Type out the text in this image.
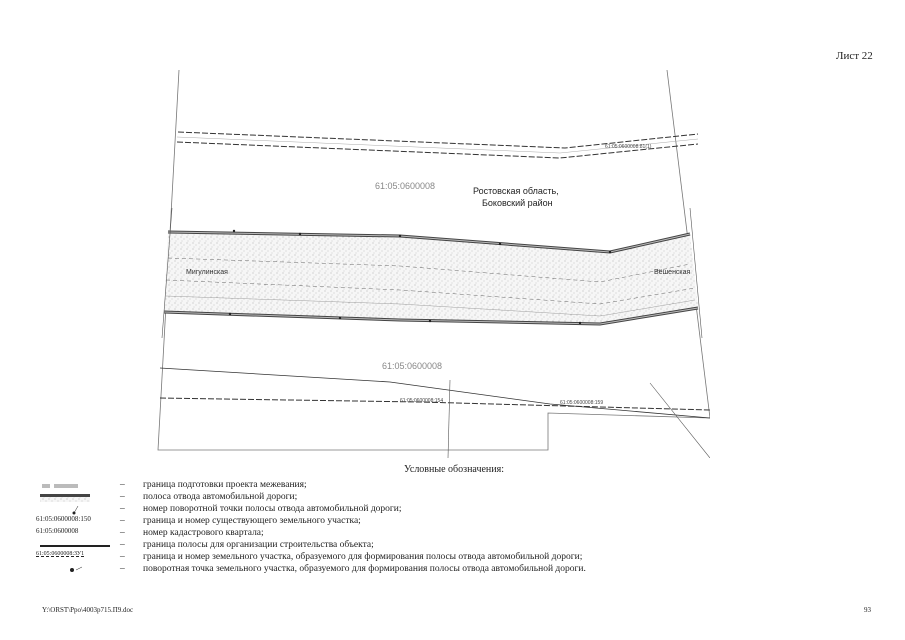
Лист 22
Ростовская область,
Боковский район
61:05:0600008
61:05:0600008
61:05:0600008:81(1)
61:05:0600008:154	61:05:0600008:159
Мигулинская	Вёшенская
Условные обозначения:
– граница подготовки проекта межевания;
– полоса отвода автомобильной дороги;
– номер поворотной точки полосы отвода автомобильной дороги;
61:05:0600008:150	– граница и номер существующего земельного участка;
61:05:0600008	– номер кадастрового квартала;
– граница полосы для организации строительства объекта;
61:05:0600008:ЗУ1	– граница и номер земельного участка, образуемого для формирования полосы отвода автомобильной дороги;
– поворотная точка земельного участка, образуемого для формирования полосы отвода автомобильной дороги.
Y:\ORST\Ppo\4003p715.П9.doc	93
